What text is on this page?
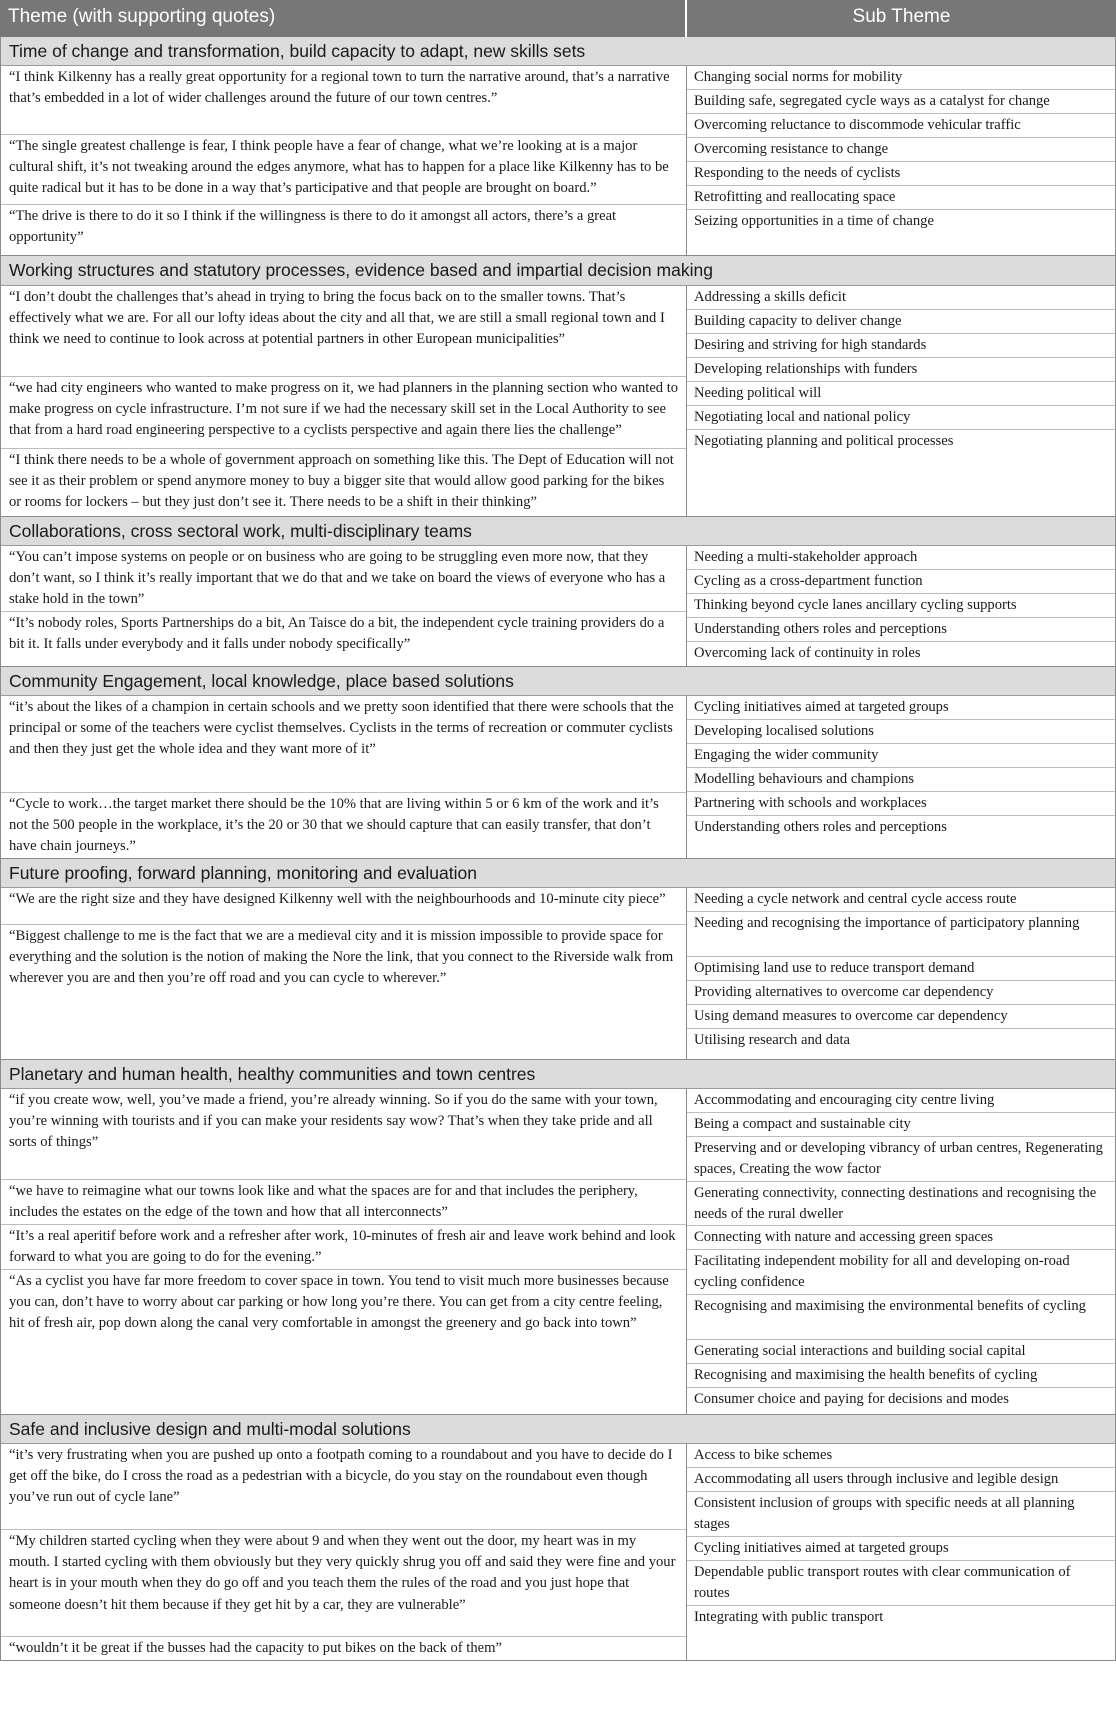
Theme (with supporting quotes)	Sub Theme
Time of change and transformation, build capacity to adapt, new skills sets
“I think Kilkenny has a really great opportunity for a regional town to turn the narrative around, that’s a narrative that’s embedded in a lot of wider challenges around the future of our town centres.”
“The single greatest challenge is fear, I think people have a fear of change, what we’re looking at is a major cultural shift, it’s not tweaking around the edges anymore, what has to happen for a place like Kilkenny has to be quite radical but it has to be done in a way that’s participative and that people are brought on board.”
“The drive is there to do it so I think if the willingness is there to do it amongst all actors, there’s a great opportunity”
Changing social norms for mobility
Building safe, segregated cycle ways as a catalyst for change
Overcoming reluctance to discommode vehicular traffic
Overcoming resistance to change
Responding to the needs of cyclists
Retrofitting and reallocating space
Seizing opportunities in a time of change
Working structures and statutory processes, evidence based and impartial decision making
“I don’t doubt the challenges that’s ahead in trying to bring the focus back on to the smaller towns. That’s effectively what we are. For all our lofty ideas about the city and all that, we are still a small regional town and I think we need to continue to look across at potential partners in other European municipalities”
“we had city engineers who wanted to make progress on it, we had planners in the planning section who wanted to make progress on cycle infrastructure. I’m not sure if we had the necessary skill set in the Local Authority to see that from a hard road engineering perspective to a cyclists perspective and again there lies the challenge”
“I think there needs to be a whole of government approach on something like this. The Dept of Education will not see it as their problem or spend anymore money to buy a bigger site that would allow good parking for the bikes or rooms for lockers – but they just don’t see it. There needs to be a shift in their thinking”
Addressing a skills deficit
Building capacity to deliver change
Desiring and striving for high standards
Developing relationships with funders
Needing political will
Negotiating local and national policy
Negotiating planning and political processes
Collaborations, cross sectoral work, multi-disciplinary teams
“You can’t impose systems on people or on business who are going to be struggling even more now, that they don’t want, so I think it’s really important that we do that and we take on board the views of everyone who has a stake hold in the town”
“It’s nobody roles, Sports Partnerships do a bit, An Taisce do a bit, the independent cycle training providers do a bit it. It falls under everybody and it falls under nobody specifically”
Needing a multi-stakeholder approach
Cycling as a cross-department function
Thinking beyond cycle lanes ancillary cycling supports
Understanding others roles and perceptions
Overcoming lack of continuity in roles
Community Engagement, local knowledge, place based solutions
“it’s about the likes of a champion in certain schools and we pretty soon identified that there were schools that the principal or some of the teachers were cyclist themselves. Cyclists in the terms of recreation or commuter cyclists and then they just get the whole idea and they want more of it”
“Cycle to work…the target market there should be the 10% that are living within 5 or 6 km of the work and it’s not the 500 people in the workplace, it’s the 20 or 30 that we should capture that can easily transfer, that don’t have chain journeys.”
Cycling initiatives aimed at targeted groups
Developing localised solutions
Engaging the wider community
Modelling behaviours and champions
Partnering with schools and workplaces
Understanding others roles and perceptions
Future proofing, forward planning, monitoring and evaluation
“We are the right size and they have designed Kilkenny well with the neighbourhoods and 10-minute city piece”
“Biggest challenge to me is the fact that we are a medieval city and it is mission impossible to provide space for everything and the solution is the notion of making the Nore the link, that you connect to the Riverside walk from wherever you are and then you’re off road and you can cycle to wherever.”
Needing a cycle network and central cycle access route
Needing and recognising the importance of participatory planning
Optimising land use to reduce transport demand
Providing alternatives to overcome car dependency
Using demand measures to overcome car dependency
Utilising research and data
Planetary and human health, healthy communities and town centres
“if you create wow, well, you’ve made a friend, you’re already winning. So if you do the same with your town, you’re winning with tourists and if you can make your residents say wow? That’s when they take pride and all sorts of things”
“we have to reimagine what our towns look like and what the spaces are for and that includes the periphery, includes the estates on the edge of the town and how that all interconnects”
“It’s a real aperitif before work and a refresher after work, 10-minutes of fresh air and leave work behind and look forward to what you are going to do for the evening.”
“As a cyclist you have far more freedom to cover space in town. You tend to visit much more businesses because you can, don’t have to worry about car parking or how long you’re there. You can get from a city centre feeling, hit of fresh air, pop down along the canal very comfortable in amongst the greenery and go back into town”
Accommodating and encouraging city centre living
Being a compact and sustainable city
Preserving and or developing vibrancy of urban centres, Regenerating spaces, Creating the wow factor
Generating connectivity, connecting destinations and recognising the needs of the rural dweller
Connecting with nature and accessing green spaces
Facilitating independent mobility for all and developing on-road cycling confidence
Recognising and maximising the environmental benefits of cycling
Generating social interactions and building social capital
Recognising and maximising the health benefits of cycling
Consumer choice and paying for decisions and modes
Safe and inclusive design and multi-modal solutions
“it’s very frustrating when you are pushed up onto a footpath coming to a roundabout and you have to decide do I get off the bike, do I cross the road as a pedestrian with a bicycle, do you stay on the roundabout even though you’ve run out of cycle lane”
“My children started cycling when they were about 9 and when they went out the door, my heart was in my mouth. I started cycling with them obviously but they very quickly shrug you off and said they were fine and your heart is in your mouth when they do go off and you teach them the rules of the road and you just hope that someone doesn’t hit them because if they get hit by a car, they are vulnerable”
“wouldn’t it be great if the busses had the capacity to put bikes on the back of them”
Access to bike schemes
Accommodating all users through inclusive and legible design
Consistent inclusion of groups with specific needs at all planning stages
Cycling initiatives aimed at targeted groups
Dependable public transport routes with clear communication of routes
Integrating with public transport
